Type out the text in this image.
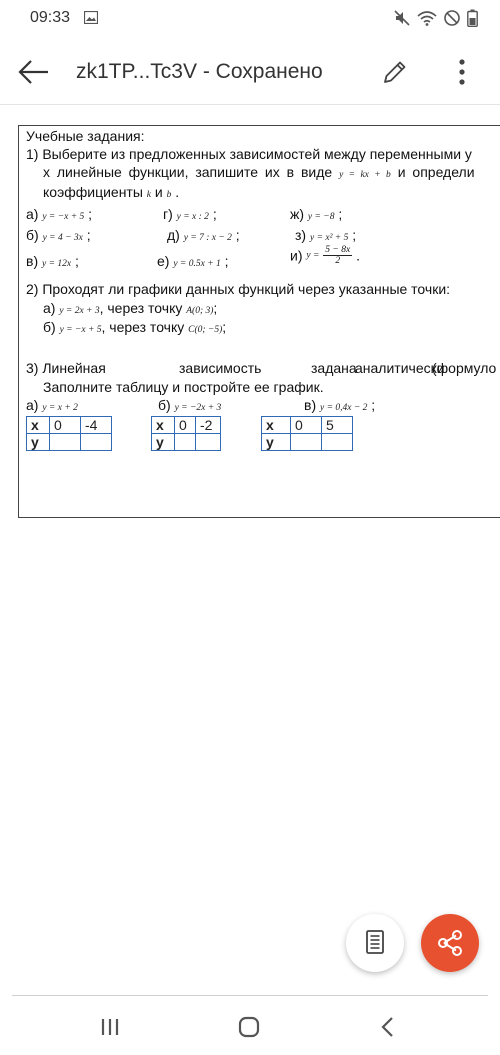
09:33
zk1TP...Tc3V - Сохранено
Учебные задания:
1) Выберите из предложенных зависимостей между переменными у
х линейные функции, запишите их в виде y = kx + b и определи
коэффициенты k и b .
а) y = −x + 5 ;	г) y = x : 2 ;	ж) y = −8 ;
б) y = 4 − 3x ;	д) y = 7 : x − 2 ;	з) y = x² + 5 ;
в) y = 12x ;	е) y = 0.5x + 1 ;	и) $y = \frac{5 - 8x}{2}$ .
2) Проходят ли графики данных функций через указанные точки:
а) y = 2x + 3, через точку A(0; 3);
б) y = −x + 5, через точку C(0; −5);
3) Линейная	зависимость	задана
аналитически
(формуло
Заполните таблицу и постройте ее график.
а) y = x + 2	б) y = −2x + 3	в) y = 0,4x − 2 ;
x	0	-4
y		
x	0	-2
y		
x	0	5
y		
